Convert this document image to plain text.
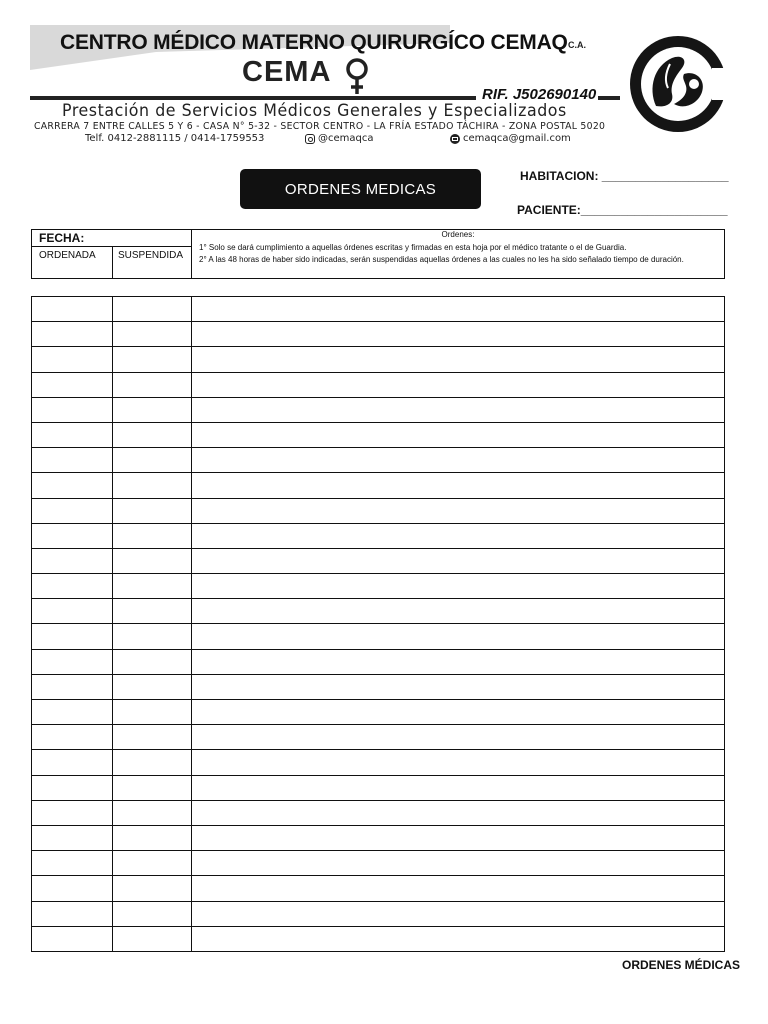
CENTRO MÉDICO MATERNO QUIRURGÍCO CEMAQ C.A.
CEMA
RIF. J502690140
Prestación de Servicios Médicos Generales y Especializados
CARRERA 7 ENTRE CALLES 5 Y 6 - CASA N° 5-32 - SECTOR CENTRO - LA FRÍA ESTADO TÁCHIRA - ZONA POSTAL 5020
Telf. 0412-2881115 / 0414-1759553	@cemaqca	cemaqca@gmail.com
ORDENES MEDICAS
HABITACION: ___________________
PACIENTE:______________________
FECHA:
ORDENADA SUSPENDIDA
Ordenes:
1° Solo se dará cumplimiento a aquellas órdenes escritas y firmadas en esta hoja por el médico tratante o el de Guardia.
2° A las 48 horas de haber sido indicadas, serán suspendidas aquellas órdenes a las cuales no les ha sido señalado tiempo de duración.
ORDENES MÉDICAS
